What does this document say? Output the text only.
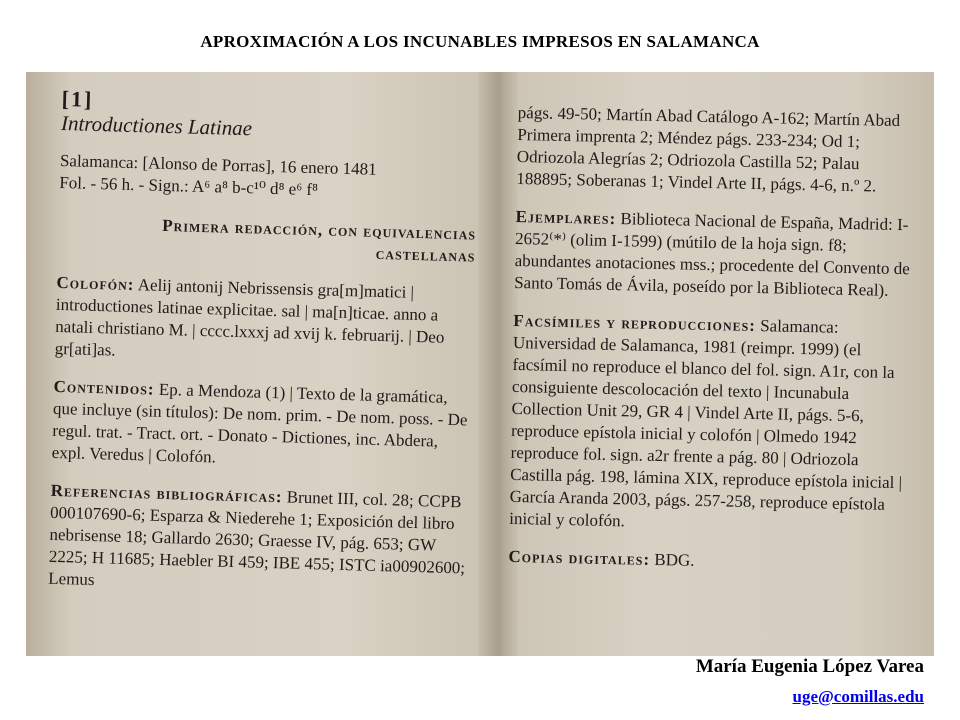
APROXIMACIÓN A LOS INCUNABLES IMPRESOS EN SALAMANCA
[1]
Introductiones Latinae
Salamanca: [Alonso de Porras], 16 enero 1481
Fol. - 56 h. - Sign.: A⁶ a⁸ b-c¹⁰ d⁸ e⁶ f⁸
Primera redacción, con equivalencias
castellanas
Colofón: Aelij antonij Nebrissensis gra[m]matici | introductiones latinae explicitae. sal | ma[n]ticae. anno a natali christiano M. | cccc.lxxxj ad xvij k. februarij. | Deo gr[ati]as.
Contenidos: Ep. a Mendoza (1) | Texto de la gramática, que incluye (sin títulos): De nom. prim. - De nom. poss. - De regul. trat. - Tract. ort. - Donato - Dictiones, inc. Abdera, expl. Veredus | Colofón.
Referencias bibliográficas: Brunet III, col. 28; CCPB 000107690-6; Esparza & Niederehe 1; Exposición del libro nebrisense 18; Gallardo 2630; Graesse IV, pág. 653; GW 2225; H 11685; Haebler BI 459; IBE 455; ISTC ia00902600; Lemus
págs. 49-50; Martín Abad Catálogo A-162; Martín Abad Primera imprenta 2; Méndez págs. 233-234; Od 1; Odriozola Alegrías 2; Odriozola Castilla 52; Palau 188895; Soberanas 1; Vindel Arte II, págs. 4-6, n.º 2.
Ejemplares: Biblioteca Nacional de España, Madrid: I-2652⁽*⁾ (olim I-1599) (mútilo de la hoja sign. f8; abundantes anotaciones mss.; procedente del Convento de Santo Tomás de Ávila, poseído por la Biblioteca Real).
Facsímiles y reproducciones: Salamanca: Universidad de Salamanca, 1981 (reimpr. 1999) (el facsímil no reproduce el blanco del fol. sign. A1r, con la consiguiente descolocación del texto | Incunabula Collection Unit 29, GR 4 | Vindel Arte II, págs. 5-6, reproduce epístola inicial y colofón | Olmedo 1942 reproduce fol. sign. a2r frente a pág. 80 | Odriozola Castilla pág. 198, lámina XIX, reproduce epístola inicial | García Aranda 2003, págs. 257-258, reproduce epístola inicial y colofón.
Copias digitales: BDG.
María Eugenia López Varea
uge@comillas.edu
